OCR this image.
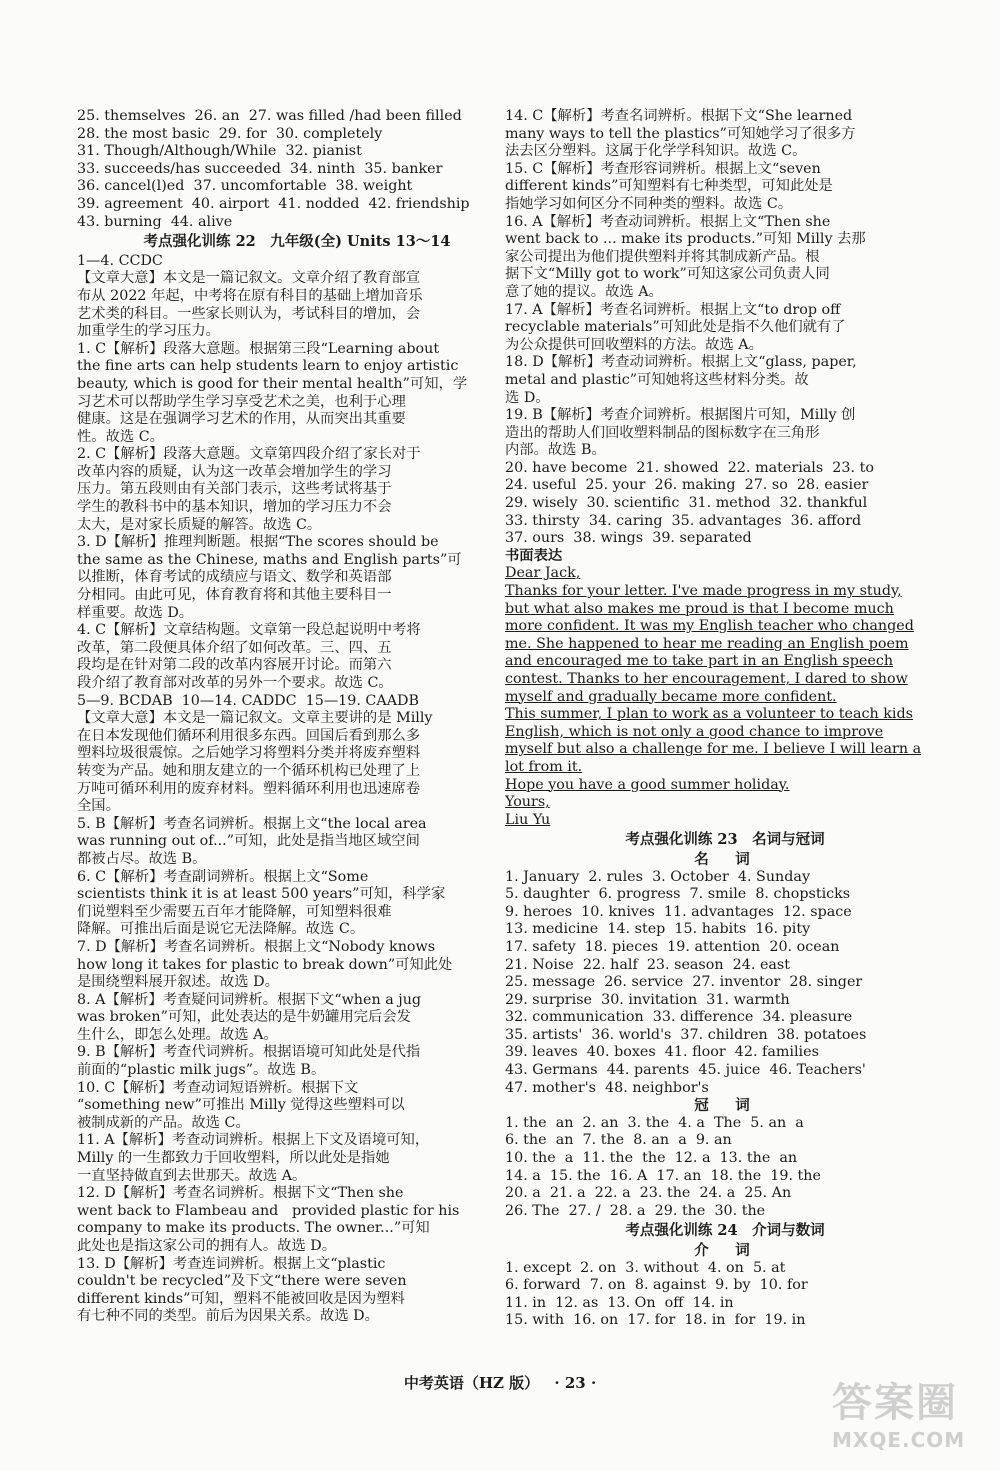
25. themselves  26. an  27. was filled /had been filled
28. the most basic  29. for  30. completely
31. Though/Although/While  32. pianist
33. succeeds/has succeeded  34. ninth  35. banker
36. cancel(l)ed  37. uncomfortable  38. weight
39. agreement  40. airport  41. nodded  42. friendship
43. burning  44. alive
考点强化训练 22　九年级(全) Units 13～14
1—4. CCDC
【文章大意】本文是一篇记叙文。文章介绍了教育部宣
布从 2022 年起，中考将在原有科目的基础上增加音乐
艺术类的科目。一些家长则认为，考试科目的增加，会
加重学生的学习压力。
1. C【解析】段落大意题。根据第三段“Learning about
the fine arts can help students learn to enjoy artistic
beauty, which is good for their mental health”可知，学
习艺术可以帮助学生学习享受艺术之美，也利于心理
健康。这是在强调学习艺术的作用，从而突出其重要
性。故选 C。
2. C【解析】段落大意题。文章第四段介绍了家长对于
改革内容的质疑，认为这一改革会增加学生的学习
压力。第五段则由有关部门表示，这些考试将基于
学生的教科书中的基本知识，增加的学习压力不会
太大，是对家长质疑的解答。故选 C。
3. D【解析】推理判断题。根据“The scores should be
the same as the Chinese, maths and English parts”可
以推断，体育考试的成绩应与语文、数学和英语部
分相同。由此可见，体育教育将和其他主要科目一
样重要。故选 D。
4. C【解析】文章结构题。文章第一段总起说明中考将
改革，第二段便具体介绍了如何改革。三、四、五
段均是在针对第二段的改革内容展开讨论。而第六
段介绍了教育部对改革的另外一个要求。故选 C。
5—9. BCDAB  10—14. CADDC  15—19. CAADB
【文章大意】本文是一篇记叙文。文章主要讲的是 Milly
在日本发现他们循环利用很多东西。回国后看到那么多
塑料垃圾很震惊。之后她学习将塑料分类并将废弃塑料
转变为产品。她和朋友建立的一个循环机构已处理了上
万吨可循环利用的废弃材料。塑料循环利用也迅速席卷
全国。
5. B【解析】考查名词辨析。根据上文“the local area
was running out of...”可知，此处是指当地区域空间
都被占尽。故选 B。
6. C【解析】考查副词辨析。根据上文“Some
scientists think it is at least 500 years”可知，科学家
们说塑料至少需要五百年才能降解，可知塑料很难
降解。可推出后面是说它无法降解。故选 C。
7. D【解析】考查名词辨析。根据上文“Nobody knows
how long it takes for plastic to break down”可知此处
是围绕塑料展开叙述。故选 D。
8. A【解析】考查疑问词辨析。根据下文“when a jug
was broken”可知，此处表达的是牛奶罐用完后会发
生什么，即怎么处理。故选 A。
9. B【解析】考查代词辨析。根据语境可知此处是代指
前面的“plastic milk jugs”。故选 B。
10. C【解析】考查动词短语辨析。根据下文
“something new”可推出 Milly 觉得这些塑料可以
被制成新的产品。故选 C。
11. A【解析】考查动词辨析。根据上下文及语境可知，
Milly 的一生都致力于回收塑料，所以此处是指她
一直坚持做直到去世那天。故选 A。
12. D【解析】考查名词辨析。根据下文“Then she
went back to Flambeau and   provided plastic for his
company to make its products. The owner...”可知
此处也是指这家公司的拥有人。故选 D。
13. D【解析】考查连词辨析。根据上文“plastic
couldn't be recycled”及下文“there were seven
different kinds”可知，塑料不能被回收是因为塑料
有七种不同的类型。前后为因果关系。故选 D。
14. C【解析】考查名词辨析。根据下文“She learned
many ways to tell the plastics”可知她学习了很多方
法去区分塑料。这属于化学学科知识。故选 C。
15. C【解析】考查形容词辨析。根据上文“seven
different kinds”可知塑料有七种类型，可知此处是
指她学习如何区分不同种类的塑料。故选 C。
16. A【解析】考查动词辨析。根据上文“Then she
went back to ... make its products.”可知 Milly 去那
家公司提出为他们提供塑料并将其制成新产品。根
据下文“Milly got to work”可知这家公司负责人同
意了她的提议。故选 A。
17. A【解析】考查名词辨析。根据上文“to drop off
recyclable materials”可知此处是指不久他们就有了
为公众提供可回收塑料的方法。故选 A。
18. D【解析】考查动词辨析。根据上文“glass, paper,
metal and plastic”可知她将这些材料分类。故
选 D。
19. B【解析】考查介词辨析。根据图片可知，Milly 创
造出的帮助人们回收塑料制品的图标数字在三角形
内部。故选 B。
20. have become  21. showed  22. materials  23. to
24. useful  25. your  26. making  27. so  28. easier
29. wisely  30. scientific  31. method  32. thankful
33. thirsty  34. caring  35. advantages  36. afford
37. ours  38. wings  39. separated
书面表达
Dear Jack,
Thanks for your letter. I've made progress in my study,
but what also makes me proud is that I become much
more confident. It was my English teacher who changed
me. She happened to hear me reading an English poem
and encouraged me to take part in an English speech
contest. Thanks to her encouragement, I dared to show
myself and gradually became more confident.
This summer, I plan to work as a volunteer to teach kids
English, which is not only a good chance to improve
myself but also a challenge for me. I believe I will learn a
lot from it.
Hope you have a good summer holiday.
Yours,
Liu Yu
考点强化训练 23　名词与冠词
名　词
1. January  2. rules  3. October  4. Sunday
5. daughter  6. progress  7. smile  8. chopsticks
9. heroes  10. knives  11. advantages  12. space
13. medicine  14. step  15. habits  16. pity
17. safety  18. pieces  19. attention  20. ocean
21. Noise  22. half  23. season  24. east
25. message  26. service  27. inventor  28. singer
29. surprise  30. invitation  31. warmth
32. communication  33. difference  34. pleasure
35. artists'  36. world's  37. children  38. potatoes
39. leaves  40. boxes  41. floor  42. families
43. Germans  44. parents  45. juice  46. Teachers'
47. mother's  48. neighbor's
冠　词
1. the  an  2. an  3. the  4. a  The  5. an  a
6. the  an  7. the  8. an  a  9. an
10. the  a  11. the  the  12. a  13. the  an
14. a  15. the  16. A  17. an  18. the  19. the
20. a  21. a  22. a  23. the  24. a  25. An
26. The  27. /  28. a  29. the  30. the
考点强化训练 24　介词与数词
介　词
1. except  2. on  3. without  4. on  5. at
6. forward  7. on  8. against  9. by  10. for
11. in  12. as  13. On  off  14. in
15. with  16. on  17. for  18. in  for  19. in
中考英语（HZ 版） · 23 ·	答案圈
MXQE.COM
